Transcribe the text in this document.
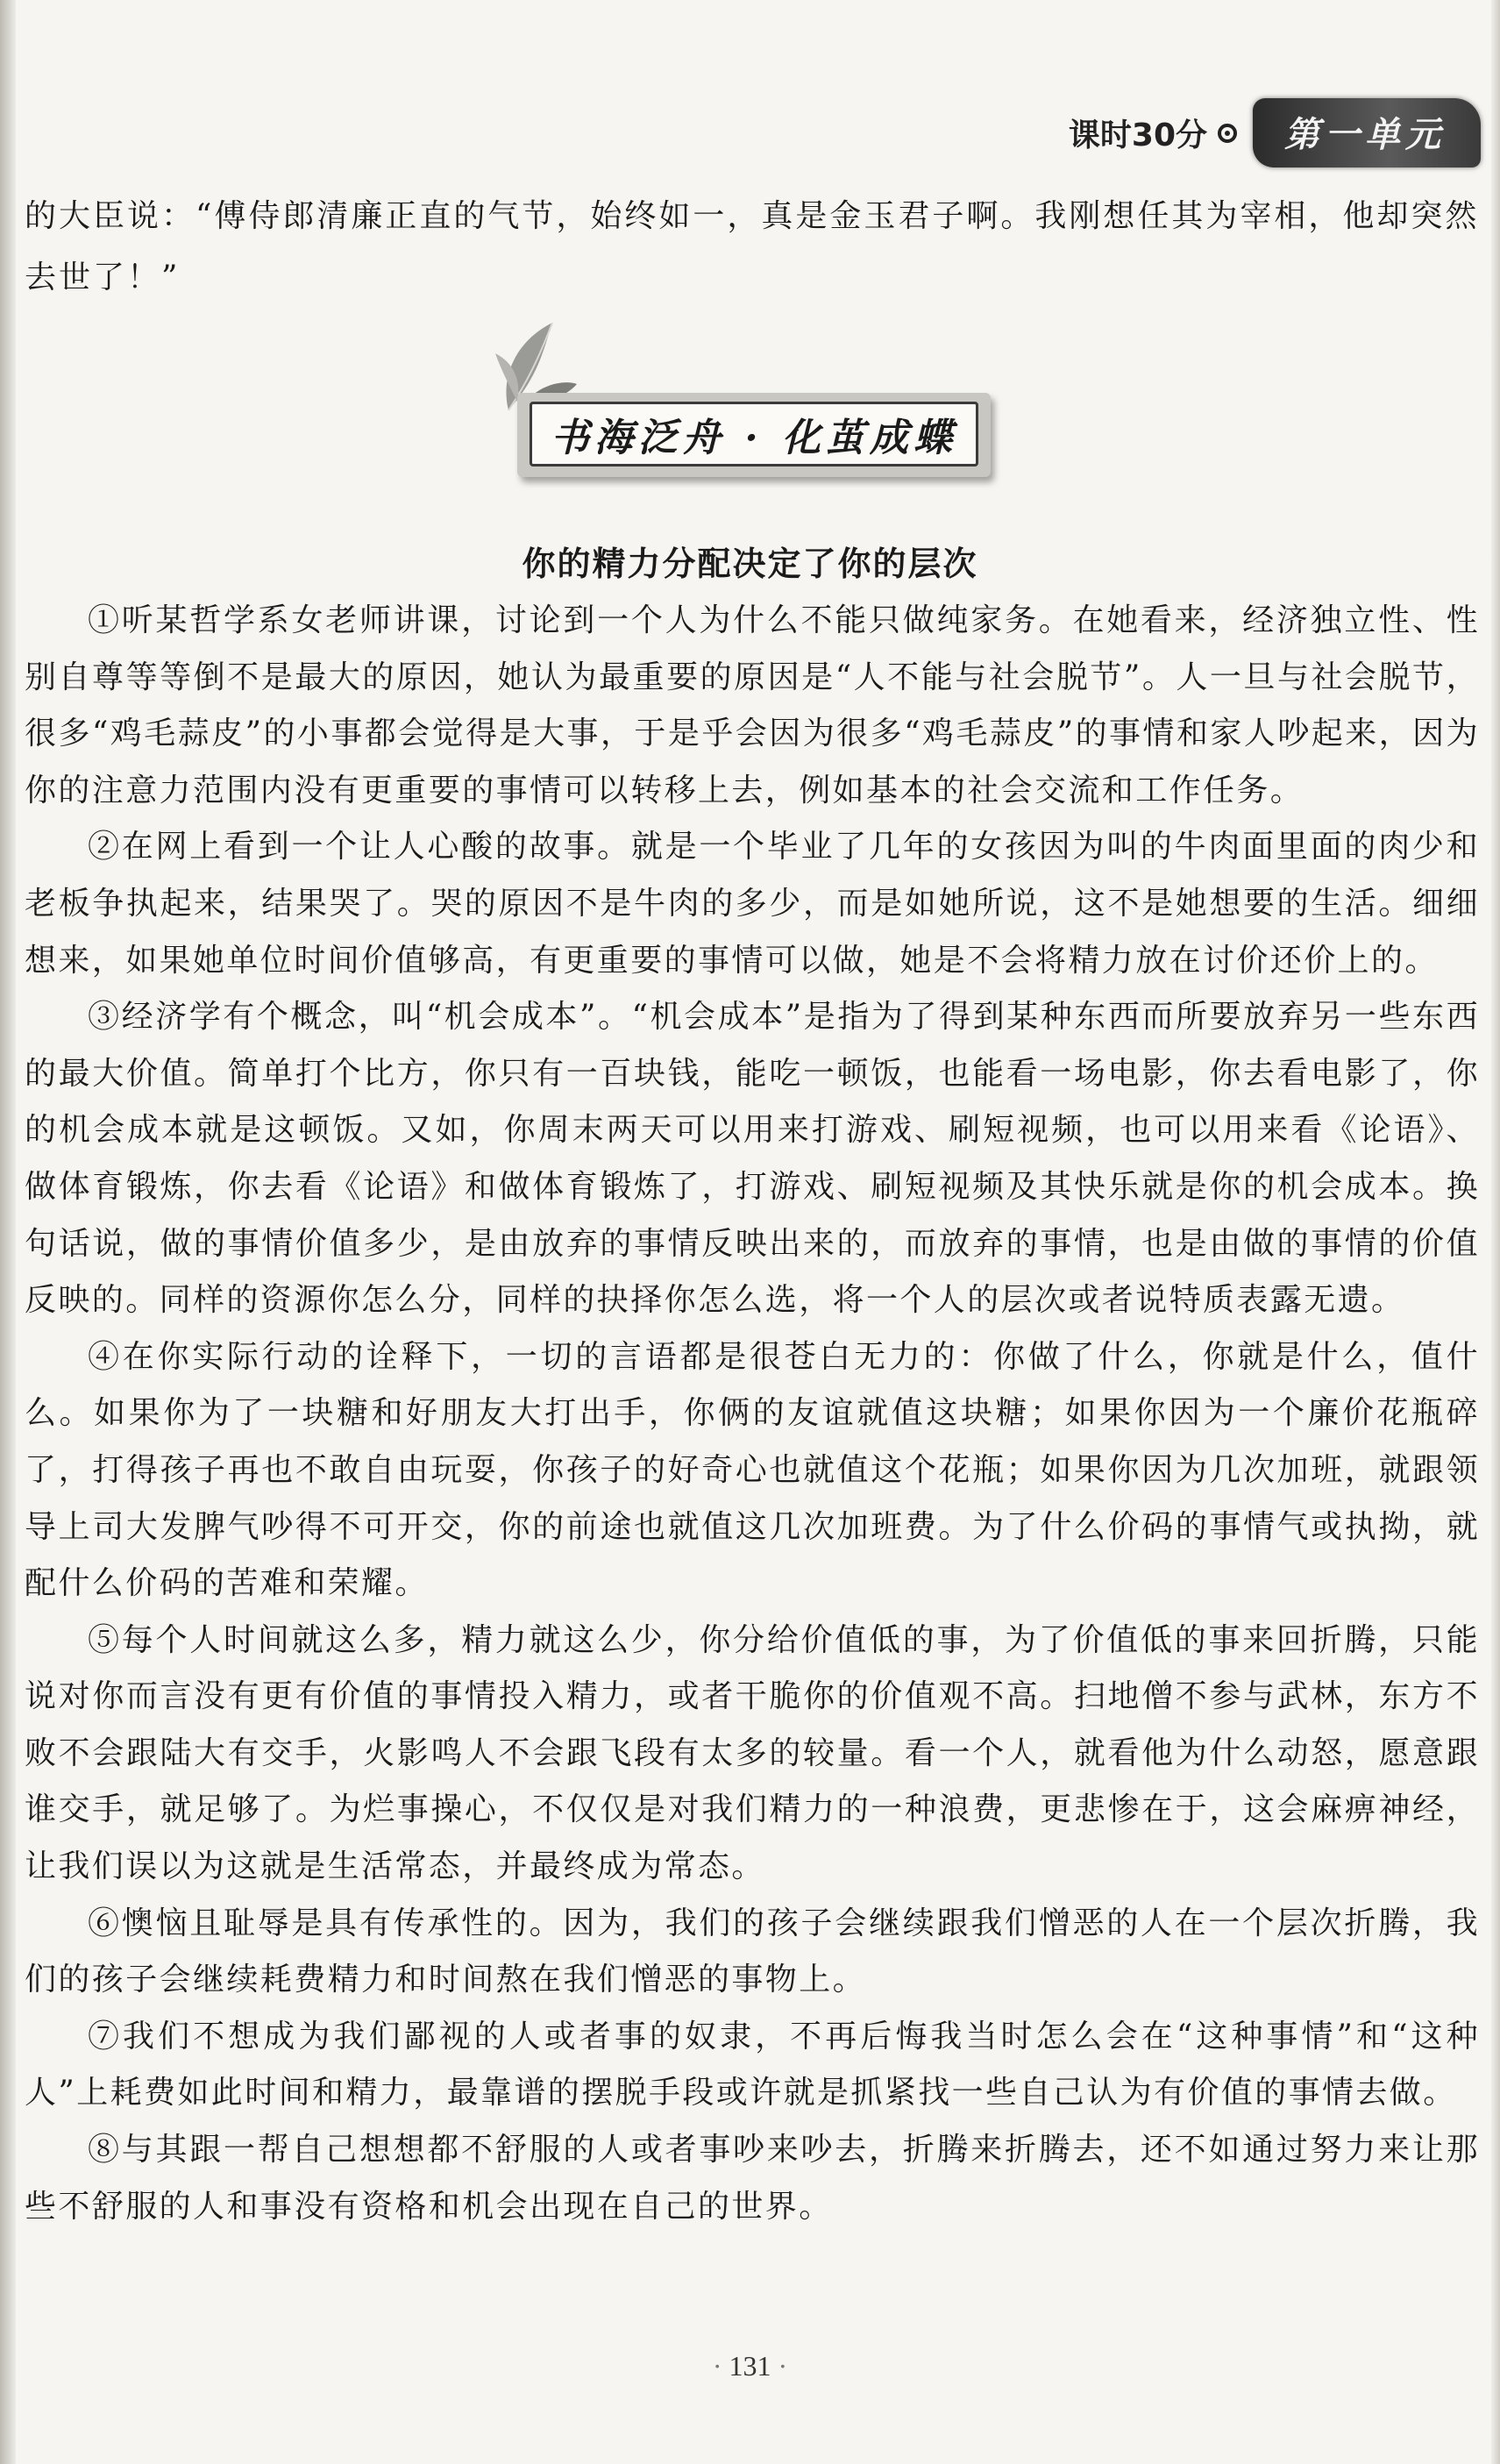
课时30分	第一单元
的大臣说：“傅侍郎清廉正直的气节，始终如一，真是金玉君子啊。我刚想任其为宰相，他却突然去世了！”
书海泛舟 · 化茧成蝶
你的精力分配决定了你的层次

①听某哲学系女老师讲课，讨论到一个人为什么不能只做纯家务。在她看来，经济独立性、性别自尊等等倒不是最大的原因，她认为最重要的原因是“人不能与社会脱节”。人一旦与社会脱节，很多“鸡毛蒜皮”的小事都会觉得是大事，于是乎会因为很多“鸡毛蒜皮”的事情和家人吵起来，因为你的注意力范围内没有更重要的事情可以转移上去，例如基本的社会交流和工作任务。

②在网上看到一个让人心酸的故事。就是一个毕业了几年的女孩因为叫的牛肉面里面的肉少和老板争执起来，结果哭了。哭的原因不是牛肉的多少，而是如她所说，这不是她想要的生活。细细想来，如果她单位时间价值够高，有更重要的事情可以做，她是不会将精力放在讨价还价上的。

③经济学有个概念，叫“机会成本”。“机会成本”是指为了得到某种东西而所要放弃另一些东西的最大价值。简单打个比方，你只有一百块钱，能吃一顿饭，也能看一场电影，你去看电影了，你的机会成本就是这顿饭。又如，你周末两天可以用来打游戏、刷短视频，也可以用来看《论语》、做体育锻炼，你去看《论语》和做体育锻炼了，打游戏、刷短视频及其快乐就是你的机会成本。换句话说，做的事情价值多少，是由放弃的事情反映出来的，而放弃的事情，也是由做的事情的价值反映的。同样的资源你怎么分，同样的抉择你怎么选，将一个人的层次或者说特质表露无遗。

④在你实际行动的诠释下，一切的言语都是很苍白无力的：你做了什么，你就是什么，值什么。如果你为了一块糖和好朋友大打出手，你俩的友谊就值这块糖；如果你因为一个廉价花瓶碎了，打得孩子再也不敢自由玩耍，你孩子的好奇心也就值这个花瓶；如果你因为几次加班，就跟领导上司大发脾气吵得不可开交，你的前途也就值这几次加班费。为了什么价码的事情气或执拗，就配什么价码的苦难和荣耀。

⑤每个人时间就这么多，精力就这么少，你分给价值低的事，为了价值低的事来回折腾，只能说对你而言没有更有价值的事情投入精力，或者干脆你的价值观不高。扫地僧不参与武林，东方不败不会跟陆大有交手，火影鸣人不会跟飞段有太多的较量。看一个人，就看他为什么动怒，愿意跟谁交手，就足够了。为烂事操心，不仅仅是对我们精力的一种浪费，更悲惨在于，这会麻痹神经，让我们误以为这就是生活常态，并最终成为常态。

⑥懊恼且耻辱是具有传承性的。因为，我们的孩子会继续跟我们憎恶的人在一个层次折腾，我们的孩子会继续耗费精力和时间熬在我们憎恶的事物上。

⑦我们不想成为我们鄙视的人或者事的奴隶，不再后悔我当时怎么会在“这种事情”和“这种人”上耗费如此时间和精力，最靠谱的摆脱手段或许就是抓紧找一些自己认为有价值的事情去做。

⑧与其跟一帮自己想想都不舒服的人或者事吵来吵去，折腾来折腾去，还不如通过努力来让那些不舒服的人和事没有资格和机会出现在自己的世界。

· 131 ·
